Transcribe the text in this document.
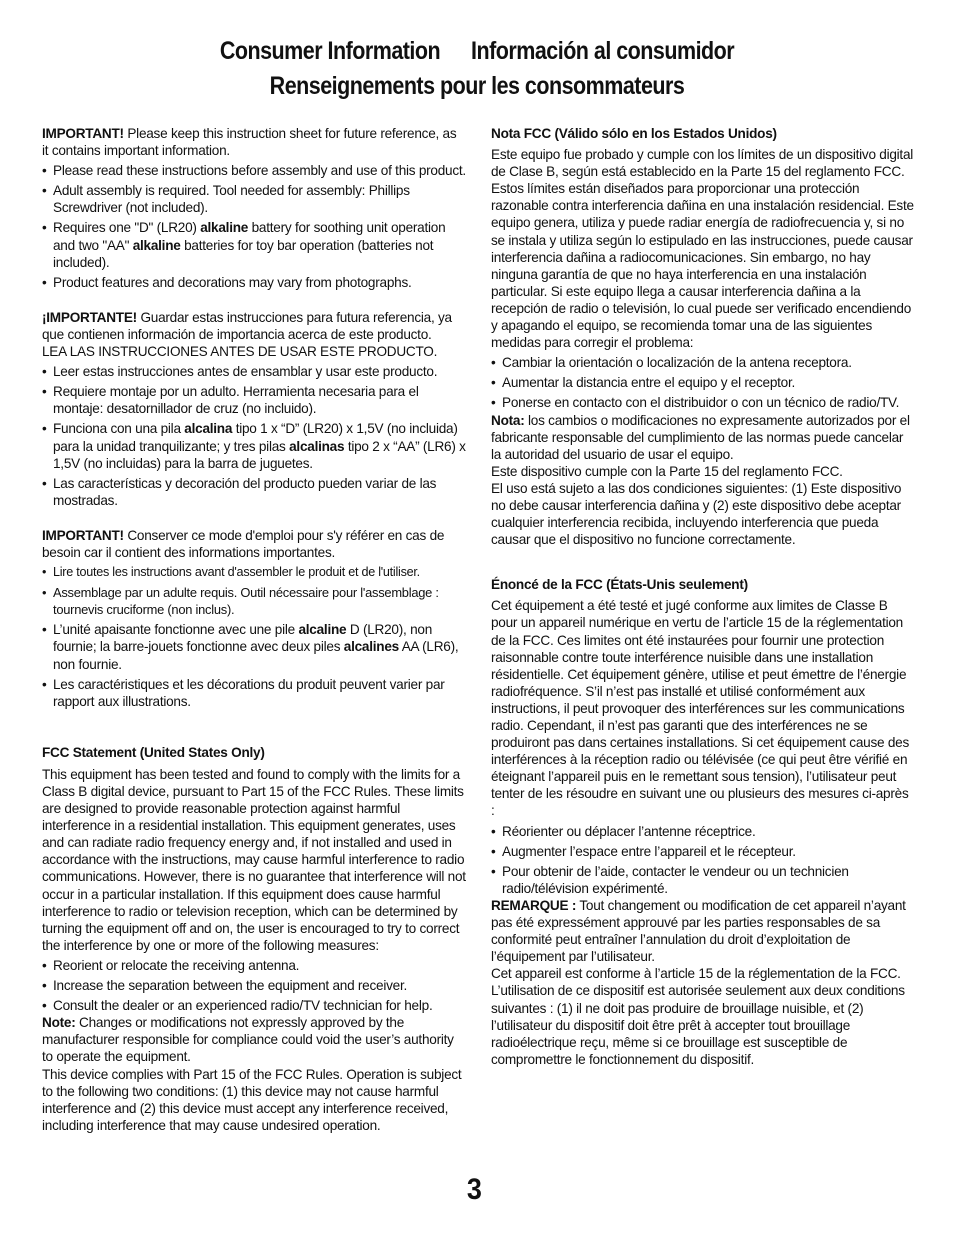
Consumer Information Información al consumidor
Renseignements pour les consommateurs

IMPORTANT! Please keep this instruction sheet for future reference, as it contains important information.

• Please read these instructions before assembly and use of this product.
• Adult assembly is required. Tool needed for assembly: Phillips Screwdriver (not included).
• Requires one "D" (LR20) alkaline battery for soothing unit operation and two "AA" alkaline batteries for toy bar operation (batteries not included).
• Product features and decorations may vary from photographs.

¡IMPORTANTE! Guardar estas instrucciones para futura referencia, ya que contienen información de importancia acerca de este producto.
LEA LAS INSTRUCCIONES ANTES DE USAR ESTE PRODUCTO.

• Leer estas instrucciones antes de ensamblar y usar este producto.
• Requiere montaje por un adulto. Herramienta necesaria para el montaje: desatornillador de cruz (no incluido).
• Funciona con una pila alcalina tipo 1 x “D” (LR20) x 1,5V (no incluida) para la unidad tranquilizante; y tres pilas alcalinas tipo 2 x “AA” (LR6) x 1,5V (no incluidas) para la barra de juguetes.
• Las características y decoración del producto pueden variar de las mostradas.

IMPORTANT! Conserver ce mode d'emploi pour s'y référer en cas de besoin car il contient des informations importantes.

• Lire toutes les instructions avant d'assembler le produit et de l'utiliser.
• Assemblage par un adulte requis. Outil nécessaire pour l'assemblage : tournevis cruciforme (non inclus).
• L’unité apaisante fonctionne avec une pile alcaline D (LR20), non fournie; la barre-jouets fonctionne avec deux piles alcalines AA (LR6), non fournie.
• Les caractéristiques et les décorations du produit peuvent varier par rapport aux illustrations.

FCC Statement (United States Only)

This equipment has been tested and found to comply with the limits for a Class B digital device, pursuant to Part 15 of the FCC Rules. These limits are designed to provide reasonable protection against harmful interference in a residential installation. This equipment generates, uses and can radiate radio frequency energy and, if not installed and used in accordance with the instructions, may cause harmful interference to radio communications. However, there is no guarantee that interference will not occur in a particular installation. If this equipment does cause harmful interference to radio or television reception, which can be determined by turning the equipment off and on, the user is encouraged to try to correct the interference by one or more of the following measures:

• Reorient or relocate the receiving antenna.
• Increase the separation between the equipment and receiver.
• Consult the dealer or an experienced radio/TV technician for help.

Note: Changes or modifications not expressly approved by the manufacturer responsible for compliance could void the user’s authority to operate the equipment.

This device complies with Part 15 of the FCC Rules. Operation is subject to the following two conditions: (1) this device may not cause harmful interference and (2) this device must accept any interference received, including interference that may cause undesired operation.

Nota FCC (Válido sólo en los Estados Unidos)

Este equipo fue probado y cumple con los límites de un dispositivo digital de Clase B, según está establecido en la Parte 15 del reglamento FCC. Estos límites están diseñados para proporcionar una protección razonable contra interferencia dañina en una instalación residencial. Este equipo genera, utiliza y puede radiar energía de radiofrecuencia y, si no se instala y utiliza según lo estipulado en las instrucciones, puede causar interferencia dañina a radiocomunicaciones. Sin embargo, no hay ninguna garantía de que no haya interferencia en una instalación particular. Si este equipo llega a causar interferencia dañina a la recepción de radio o televisión, lo cual puede ser verificado encendiendo y apagando el equipo, se recomienda tomar una de las siguientes medidas para corregir el problema:

• Cambiar la orientación o localización de la antena receptora.
• Aumentar la distancia entre el equipo y el receptor.
• Ponerse en contacto con el distribuidor o con un técnico de radio/TV.

Nota: los cambios o modificaciones no expresamente autorizados por el fabricante responsable del cumplimiento de las normas puede cancelar la autoridad del usuario de usar el equipo.

Este dispositivo cumple con la Parte 15 del reglamento FCC.
El uso está sujeto a las dos condiciones siguientes: (1) Este dispositivo no debe causar interferencia dañina y (2) este dispositivo debe aceptar cualquier interferencia recibida, incluyendo interferencia que pueda causar que el dispositivo no funcione correctamente.

Énoncé de la FCC (États-Unis seulement)

Cet équipement a été testé et jugé conforme aux limites de Classe B pour un appareil numérique en vertu de l’article 15 de la réglementation de la FCC. Ces limites ont été instaurées pour fournir une protection raisonnable contre toute interférence nuisible dans une installation résidentielle. Cet équipement génère, utilise et peut émettre de l’énergie radiofréquence. S’il n’est pas installé et utilisé conformément aux instructions, il peut provoquer des interférences sur les communications radio. Cependant, il n’est pas garanti que des interférences ne se produiront pas dans certaines installations. Si cet équipement cause des interférences à la réception radio ou télévisée (ce qui peut être vérifié en éteignant l’appareil puis en le remettant sous tension), l’utilisateur peut tenter de les résoudre en suivant une ou plusieurs des mesures ci-après :

• Réorienter ou déplacer l’antenne réceptrice.
• Augmenter l’espace entre l’appareil et le récepteur.
• Pour obtenir de l’aide, contacter le vendeur ou un technicien radio/télévision expérimenté.

REMARQUE : Tout changement ou modification de cet appareil n’ayant pas été expressément approuvé par les parties responsables de sa conformité peut entraîner l’annulation du droit d’exploitation de l’équipement par l’utilisateur.

Cet appareil est conforme à l’article 15 de la réglementation de la FCC. L’utilisation de ce dispositif est autorisée seulement aux deux conditions suivantes : (1) il ne doit pas produire de brouillage nuisible, et (2) l’utilisateur du dispositif doit être prêt à accepter tout brouillage radioélectrique reçu, même si ce brouillage est susceptible de compromettre le fonctionnement du dispositif.

3
